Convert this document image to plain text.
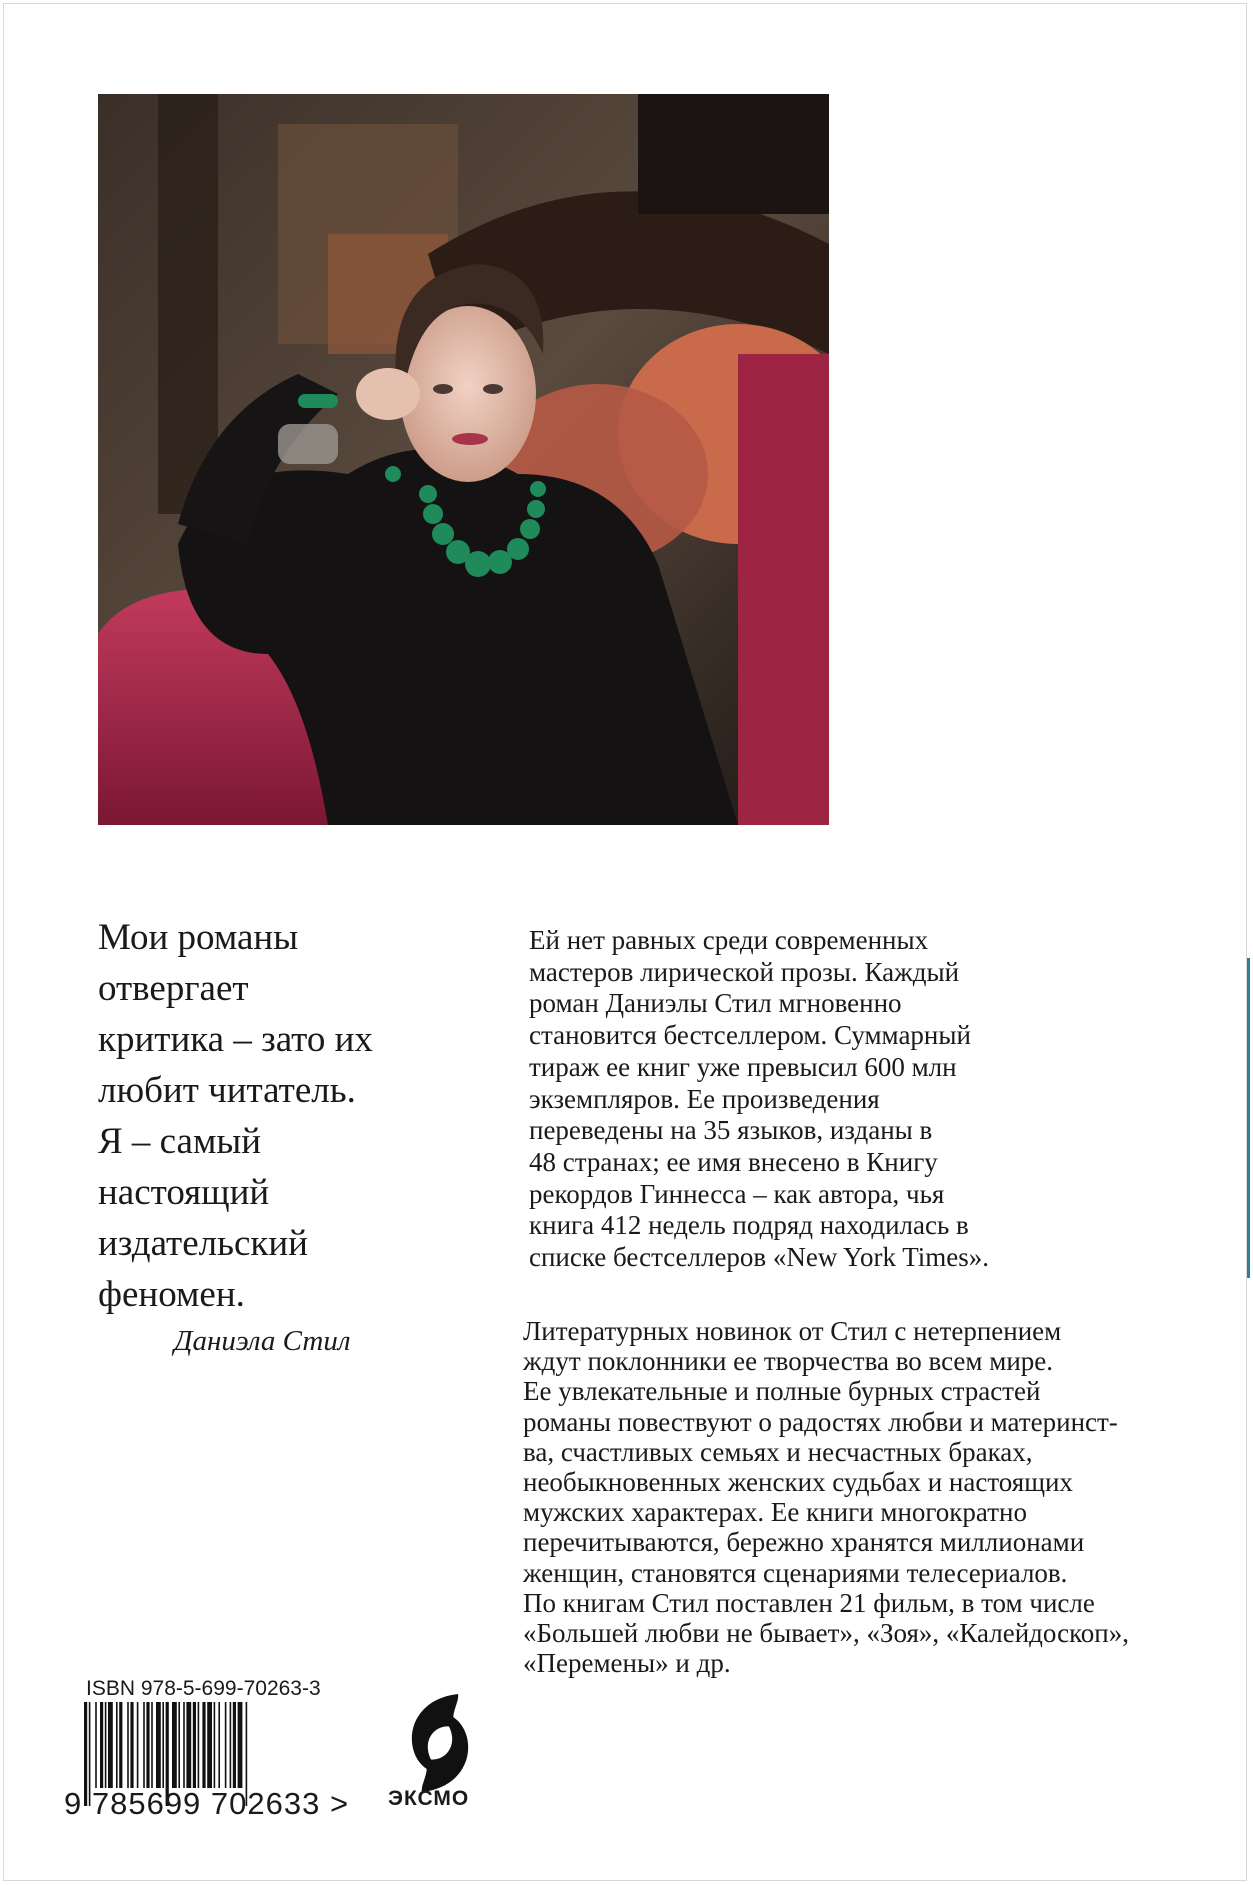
Мои романы
отвергает
критика – зато их
любит читатель.
Я – самый
настоящий
издательский
феномен.
Даниэла Стил
Ей нет равных среди современных
мастеров лирической прозы. Каждый
роман Даниэлы Стил мгновенно
становится бестселлером. Суммарный
тираж ее книг уже превысил 600 млн
экземпляров. Ее произведения
переведены на 35 языков, изданы в
48 странах; ее имя внесено в Книгу
рекордов Гиннесса – как автора, чья
книга 412 недель подряд находилась в
списке бестселлеров «New York Times».
Литературных новинок от Стил с нетерпением
ждут поклонники ее творчества во всем мире.
Ее увлекательные и полные бурных страстей
романы повествуют о радостях любви и материнст-
ва, счастливых семьях и несчастных браках,
необыкновенных женских судьбах и настоящих
мужских характерах. Ее книги многократно
перечитываются, бережно хранятся миллионами
женщин, становятся сценариями телесериалов.
По книгам Стил поставлен 21 фильм, в том числе
«Большей любви не бывает», «Зоя», «Калейдоскоп»,
«Перемены» и др.
ISBN 978-5-699-70263-3
9 785699 702633 > ЭКСМО
